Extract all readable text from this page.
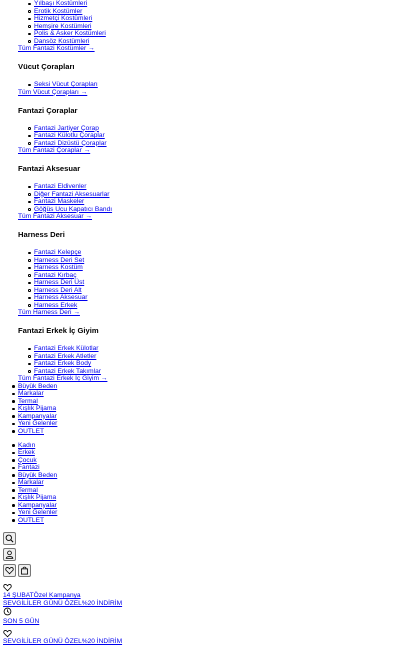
Yılbaşı Kostümleri
Erotik Kostümler
Hizmetçi Kostümleri
Hemşire Kostümleri
Polis & Asker Kostümleri
Dansöz Kostümleri
Tüm Fantazi Kostümler →
Vücut Çorapları
Seksi Vücut Çorapları
Tüm Vücut Çorapları →
Fantazi Çoraplar
Fantazi Jartiyer Çorap
Fantazi Külotlu Çoraplar
Fantazi Dizüstü Çoraplar
Tüm Fantazi Çoraplar →
Fantazi Aksesuar
Fantazi Eldivenler
Diğer Fantazi Aksesuarlar
Fantazi Maskeler
Göğüs Ucu Kapatıcı Bandı
Tüm Fantazi Aksesuar →
Harness Deri
Fantazi Kelepçe
Harness Deri Set
Harness Kostüm
Fantazi Kırbaç
Harness Deri Üst
Harness Deri Alt
Harness Aksesuar
Harness Erkek
Tüm Harness Deri →
Fantazi Erkek İç Giyim
Fantazi Erkek Külotlar
Fantazi Erkek Atletler
Fantazi Erkek Body
Fantazi Erkek Takımlar
Tüm Fantazi Erkek İç Giyim →
Büyük Beden
Markalar
Termal
Kışlık Pijama
Kampanyalar
Yeni Gelenler
OUTLET
Kadın
Erkek
Çocuk
Fantazi
Büyük Beden
Markalar
Termal
Kışlık Pijama
Kampanyalar
Yeni Gelenler
OUTLET

14 ŞUBATÖzel Kampanya
SEVGİLİLER GÜNÜ ÖZEL%20 İNDİRİM
SON 5 GÜN
SEVGİLİLER GÜNÜ ÖZEL%20 İNDİRİM
